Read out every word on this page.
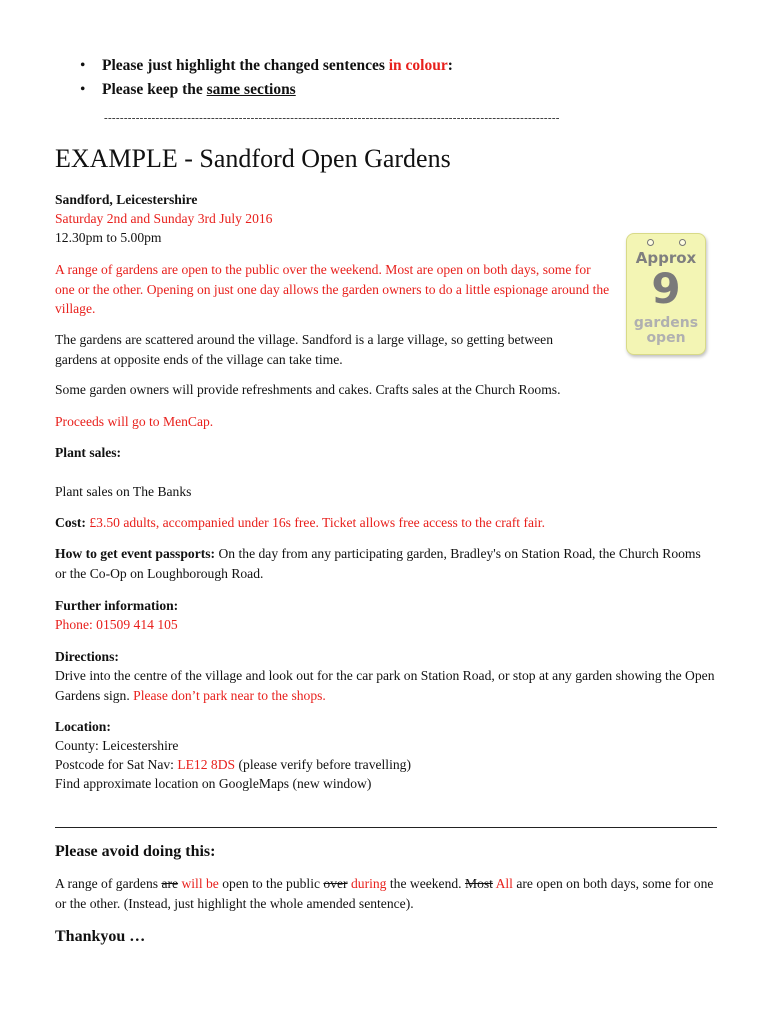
• Please just highlight the changed sentences in colour:
• Please keep the same sections
-------------------------------------------------------------------------------------------------------------------
EXAMPLE - Sandford Open Gardens
Sandford, Leicestershire
Saturday 2nd and Sunday 3rd July 2016
12.30pm to 5.00pm
A range of gardens are open to the public over the weekend. Most are open on both days, some for one or the other. Opening on just one day allows the garden owners to do a little espionage around the village.
The gardens are scattered around the village. Sandford is a large village, so getting between gardens at opposite ends of the village can take time.
Some garden owners will provide refreshments and cakes. Crafts sales at the Church Rooms.
Proceeds will go to MenCap.
Plant sales:
Plant sales on The Banks
Cost: £3.50 adults, accompanied under 16s free. Ticket allows free access to the craft fair.
How to get event passports: On the day from any participating garden, Bradley's on Station Road, the Church Rooms or the Co-Op on Loughborough Road.
Further information:
Phone: 01509 414 105
Directions:
Drive into the centre of the village and look out for the car park on Station Road, or stop at any garden showing the Open Gardens sign. Please don’t park near to the shops.
Location:
County: Leicestershire
Postcode for Sat Nav: LE12 8DS (please verify before travelling)
Find approximate location on GoogleMaps (new window)
Approx
9
gardens
open
Please avoid doing this:
A range of gardens are will be open to the public over during the weekend. Most All are open on both days, some for one or the other. (Instead, just highlight the whole amended sentence).
Thankyou …
